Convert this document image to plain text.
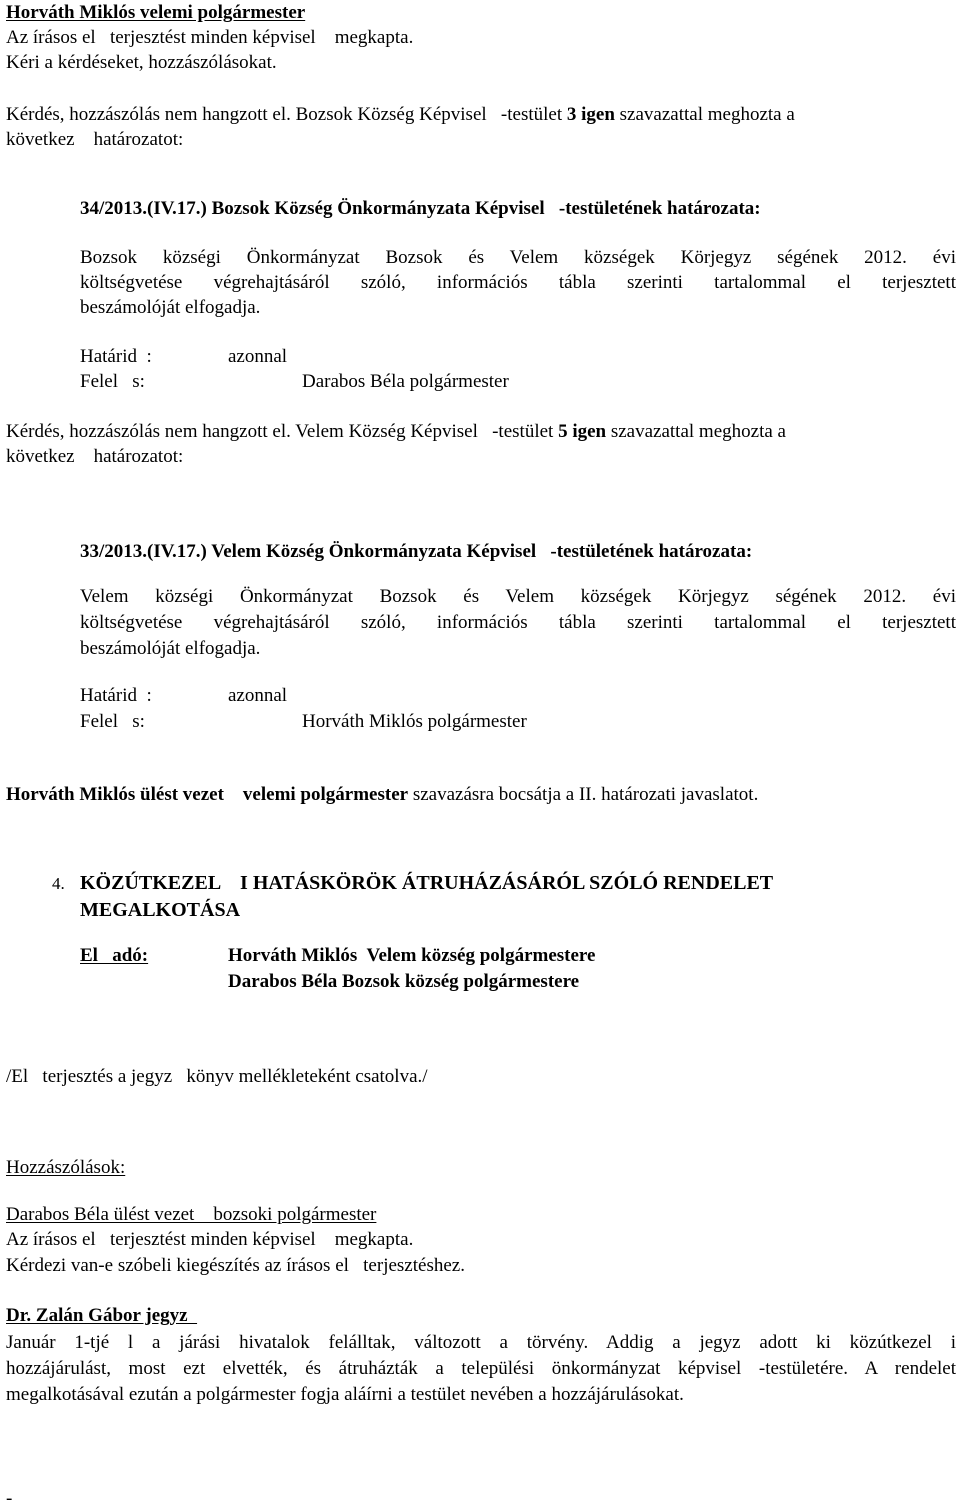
Horváth Miklós velemi polgármester
Az írásos el   terjesztést minden képvisel    megkapta.
Kéri a kérdéseket, hozzászólásokat.
Kérdés, hozzászólás nem hangzott el. Bozsok Község Képvisel   -testület 3 igen szavazattal meghozta a
következ    határozatot:
34/2013.(IV.17.) Bozsok Község Önkormányzata Képvisel   -testületének határozata:
Bozsok községi Önkormányzat Bozsok és Velem községek Körjegyz ségének 2012. évi
költségvetése végrehajtásáról szóló, információs tábla szerinti tartalommal el terjesztett
beszámolóját elfogadja.
Határid  :	azonnal
Felel   s:	Darabos Béla polgármester
Kérdés, hozzászólás nem hangzott el. Velem Község Képvisel   -testület 5 igen szavazattal meghozta a
következ    határozatot:
33/2013.(IV.17.) Velem Község Önkormányzata Képvisel   -testületének határozata:
Velem községi Önkormányzat Bozsok és Velem községek Körjegyz ségének 2012. évi
költségvetése végrehajtásáról szóló, információs tábla szerinti tartalommal el terjesztett
beszámolóját elfogadja.
Határid  :	azonnal
Felel   s:	Horváth Miklós polgármester
Horváth Miklós ülést vezet    velemi polgármester szavazásra bocsátja a II. határozati javaslatot.
4. KÖZÚTKEZEL    I HATÁSKÖRÖK ÁTRUHÁZÁSÁRÓL SZÓLÓ RENDELET
MEGALKOTÁSA
El   adó:	Horváth Miklós  Velem község polgármestere
Darabos Béla Bozsok község polgármestere
/El   terjesztés a jegyz   könyv mellékleteként csatolva./
Hozzászólások:
Darabos Béla ülést vezet    bozsoki polgármester
Az írásos el   terjesztést minden képvisel    megkapta.
Kérdezi van-e szóbeli kiegészítés az írásos el   terjesztéshez.
Dr. Zalán Gábor jegyz
Január 1-tjé l a járási hivatalok felálltak, változott a törvény. Addig a jegyz adott ki közútkezel i
hozzájárulást, most ezt elvették, és átruházták a települési önkormányzat képvisel -testületére. A rendelet
megalkotásával ezután a polgármester fogja aláírni a testület nevében a hozzájárulásokat.
-
